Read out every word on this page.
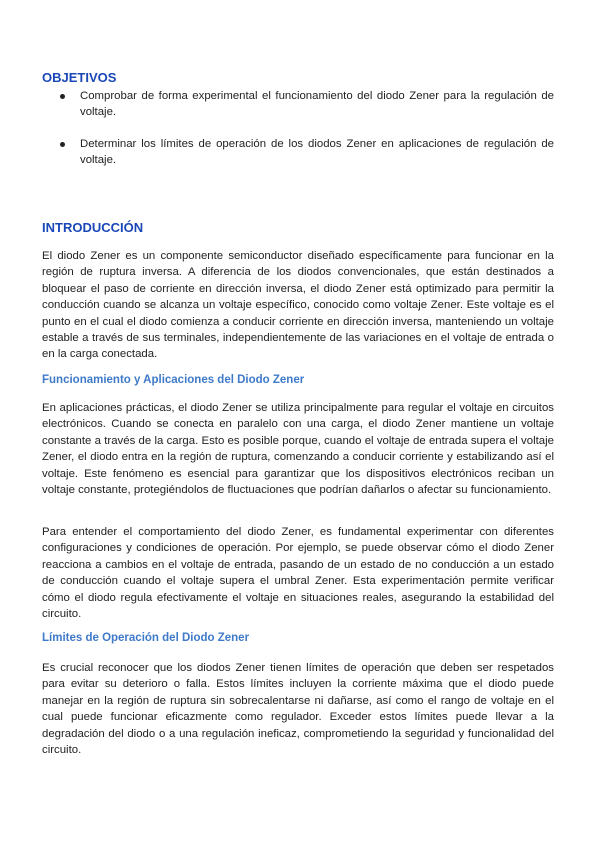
OBJETIVOS
Comprobar de forma experimental el funcionamiento del diodo Zener para la regulación de voltaje.
Determinar los límites de operación de los diodos Zener en aplicaciones de regulación de voltaje.
INTRODUCCIÓN

El diodo Zener es un componente semiconductor diseñado específicamente para funcionar en la región de ruptura inversa. A diferencia de los diodos convencionales, que están destinados a bloquear el paso de corriente en dirección inversa, el diodo Zener está optimizado para permitir la conducción cuando se alcanza un voltaje específico, conocido como voltaje Zener. Este voltaje es el punto en el cual el diodo comienza a conducir corriente en dirección inversa, manteniendo un voltaje estable a través de sus terminales, independientemente de las variaciones en el voltaje de entrada o en la carga conectada.

Funcionamiento y Aplicaciones del Diodo Zener

En aplicaciones prácticas, el diodo Zener se utiliza principalmente para regular el voltaje en circuitos electrónicos. Cuando se conecta en paralelo con una carga, el diodo Zener mantiene un voltaje constante a través de la carga. Esto es posible porque, cuando el voltaje de entrada supera el voltaje Zener, el diodo entra en la región de ruptura, comenzando a conducir corriente y estabilizando así el voltaje. Este fenómeno es esencial para garantizar que los dispositivos electrónicos reciban un voltaje constante, protegiéndolos de fluctuaciones que podrían dañarlos o afectar su funcionamiento.

Para entender el comportamiento del diodo Zener, es fundamental experimentar con diferentes configuraciones y condiciones de operación. Por ejemplo, se puede observar cómo el diodo Zener reacciona a cambios en el voltaje de entrada, pasando de un estado de no conducción a un estado de conducción cuando el voltaje supera el umbral Zener. Esta experimentación permite verificar cómo el diodo regula efectivamente el voltaje en situaciones reales, asegurando la estabilidad del circuito.

Límites de Operación del Diodo Zener

Es crucial reconocer que los diodos Zener tienen límites de operación que deben ser respetados para evitar su deterioro o falla. Estos límites incluyen la corriente máxima que el diodo puede manejar en la región de ruptura sin sobrecalentarse ni dañarse, así como el rango de voltaje en el cual puede funcionar eficazmente como regulador. Exceder estos límites puede llevar a la degradación del diodo o a una regulación ineficaz, comprometiendo la seguridad y funcionalidad del circuito.
